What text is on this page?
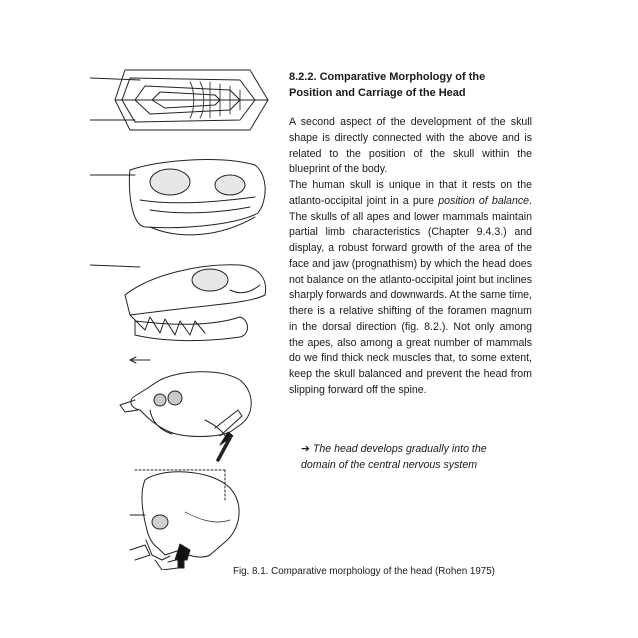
8.2.2. Comparative Morphology of the
Position and Carriage of the Head

A second aspect of the development of the skull shape is directly connected with the above and is related to the position of the skull within the blueprint of the body.

The human skull is unique in that it rests on the atlanto-occipital joint in a pure position of balance. The skulls of all apes and lower mammals maintain partial limb characteristics (Chapter 9.4.3.) and display, a robust forward growth of the area of the face and jaw (prognathism) by which the head does not balance on the atlanto-occipital joint but inclines sharply forwards and downwards. At the same time, there is a relative shifting of the foramen magnum in the dorsal direction (fig. 8.2.). Not only among the apes, also among a great number of mammals do we find thick neck muscles that, to some extent, keep the skull balanced and prevent the head from slipping forward off the spine.

➔ The head develops gradually into the
domain of the central nervous system
Fig. 8.1. Comparative morphology of the head (Rohen 1975)
